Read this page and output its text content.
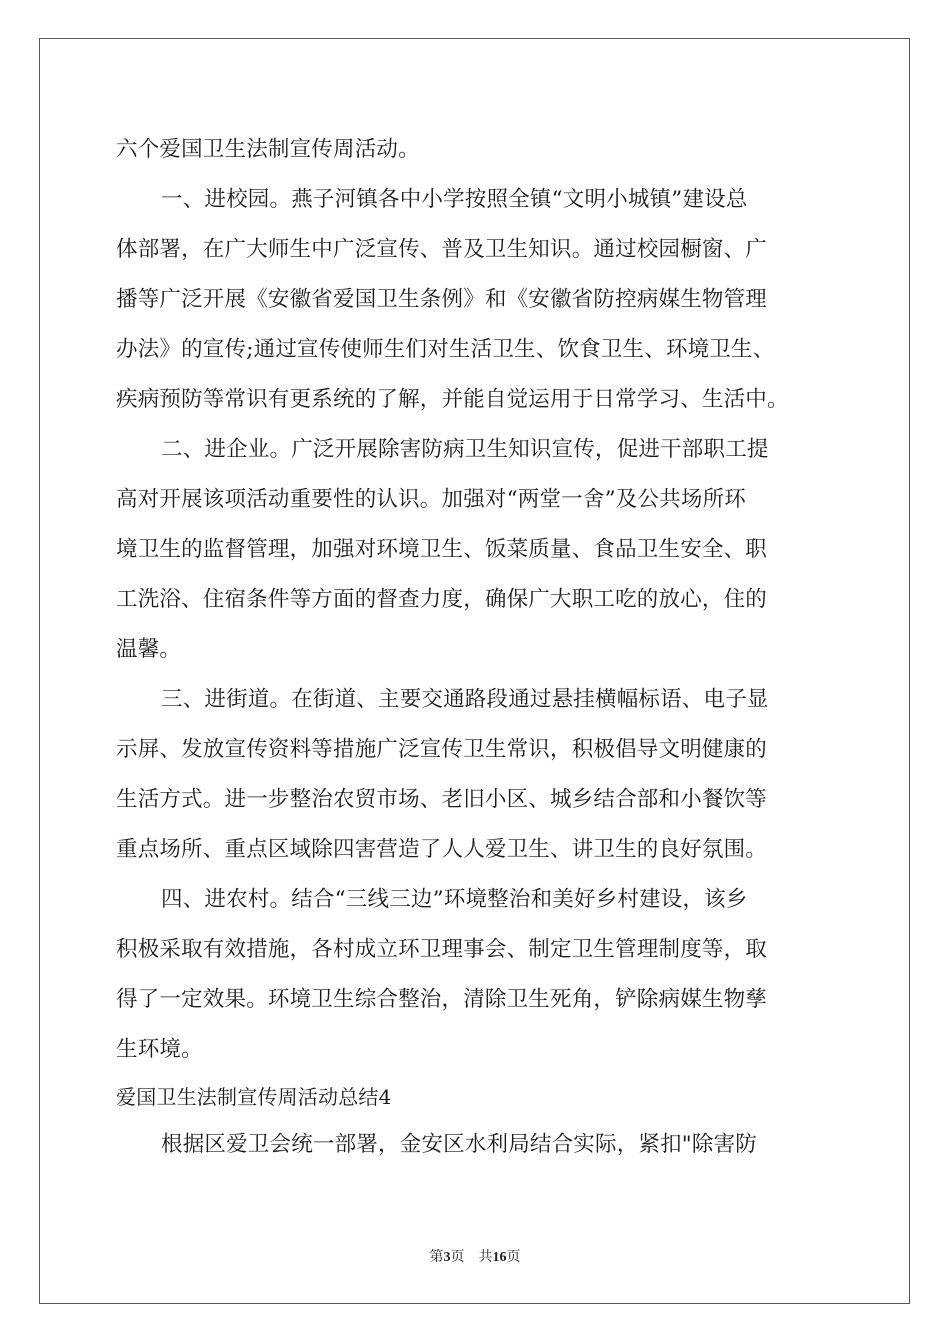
六个爱国卫生法制宣传周活动。
一、进校园。燕子河镇各中小学按照全镇“文明小城镇”建设总
体部署，在广大师生中广泛宣传、普及卫生知识。通过校园橱窗、广
播等广泛开展《安徽省爱国卫生条例》和《安徽省防控病媒生物管理
办法》的宣传;通过宣传使师生们对生活卫生、饮食卫生、环境卫生、
疾病预防等常识有更系统的了解，并能自觉运用于日常学习、生活中。
二、进企业。广泛开展除害防病卫生知识宣传，促进干部职工提
高对开展该项活动重要性的认识。加强对“两堂一舍”及公共场所环
境卫生的监督管理，加强对环境卫生、饭菜质量、食品卫生安全、职
工洗浴、住宿条件等方面的督查力度，确保广大职工吃的放心，住的
温馨。
三、进街道。在街道、主要交通路段通过悬挂横幅标语、电子显
示屏、发放宣传资料等措施广泛宣传卫生常识，积极倡导文明健康的
生活方式。进一步整治农贸市场、老旧小区、城乡结合部和小餐饮等
重点场所、重点区域除四害营造了人人爱卫生、讲卫生的良好氛围。
四、进农村。结合“三线三边”环境整治和美好乡村建设，该乡
积极采取有效措施，各村成立环卫理事会、制定卫生管理制度等，取
得了一定效果。环境卫生综合整治，清除卫生死角，铲除病媒生物孳
生环境。
爱国卫生法制宣传周活动总结4
根据区爱卫会统一部署，金安区水利局结合实际，紧扣"除害防
第3页 共16页
